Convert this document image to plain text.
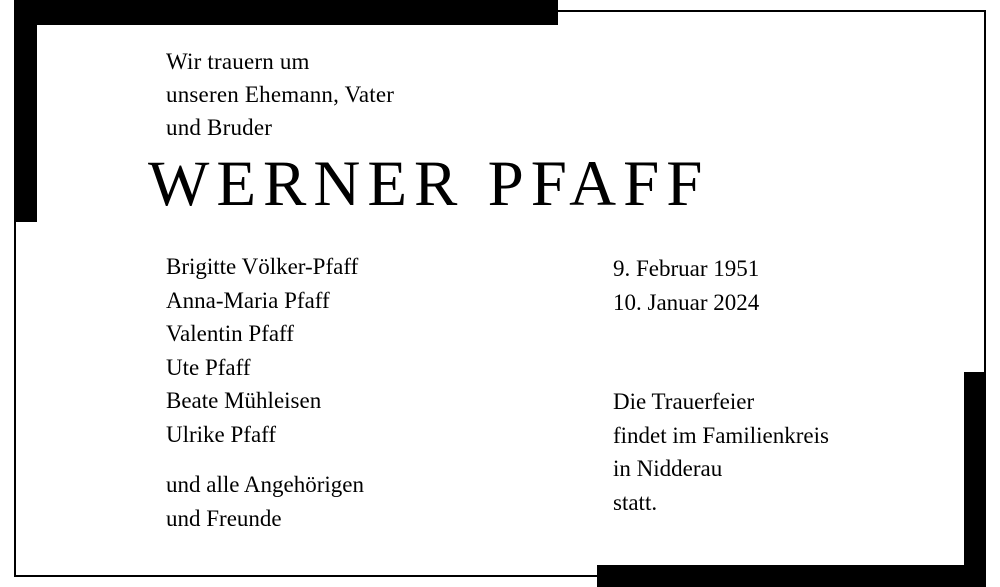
Wir trauern um
unseren Ehemann, Vater
und Bruder
WERNER PFAFF
Brigitte Völker-Pfaff
Anna-Maria Pfaff
Valentin Pfaff
Ute Pfaff
Beate Mühleisen
Ulrike Pfaff
und alle Angehörigen
und Freunde
9. Februar 1951
10. Januar 2024
Die Trauerfeier
findet im Familienkreis
in Nidderau
statt.
